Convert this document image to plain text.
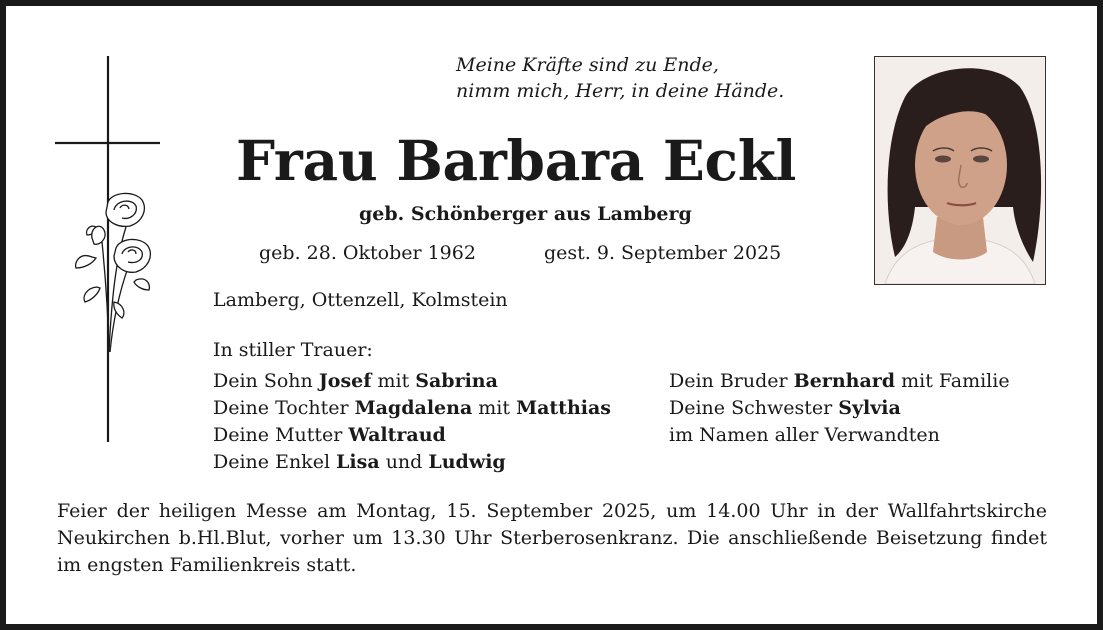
Meine Kräfte sind zu Ende,
nimm mich, Herr, in deine Hände.
Frau Barbara Eckl
geb. Schönberger aus Lamberg
geb. 28. Oktober 1962	gest. 9. September 2025
Lamberg, Ottenzell, Kolmstein
In stiller Trauer:
Dein Sohn Josef mit Sabrina
Deine Tochter Magdalena mit Matthias
Deine Mutter Waltraud
Deine Enkel Lisa und Ludwig
Dein Bruder Bernhard mit Familie
Deine Schwester Sylvia
im Namen aller Verwandten
Feier der heiligen Messe am Montag, 15. September 2025, um 14.00 Uhr in der Wallfahrtskirche Neukirchen b.Hl.Blut, vorher um 13.30 Uhr Sterberosenkranz. Die anschließende Beisetzung findet im engsten Familienkreis statt.
